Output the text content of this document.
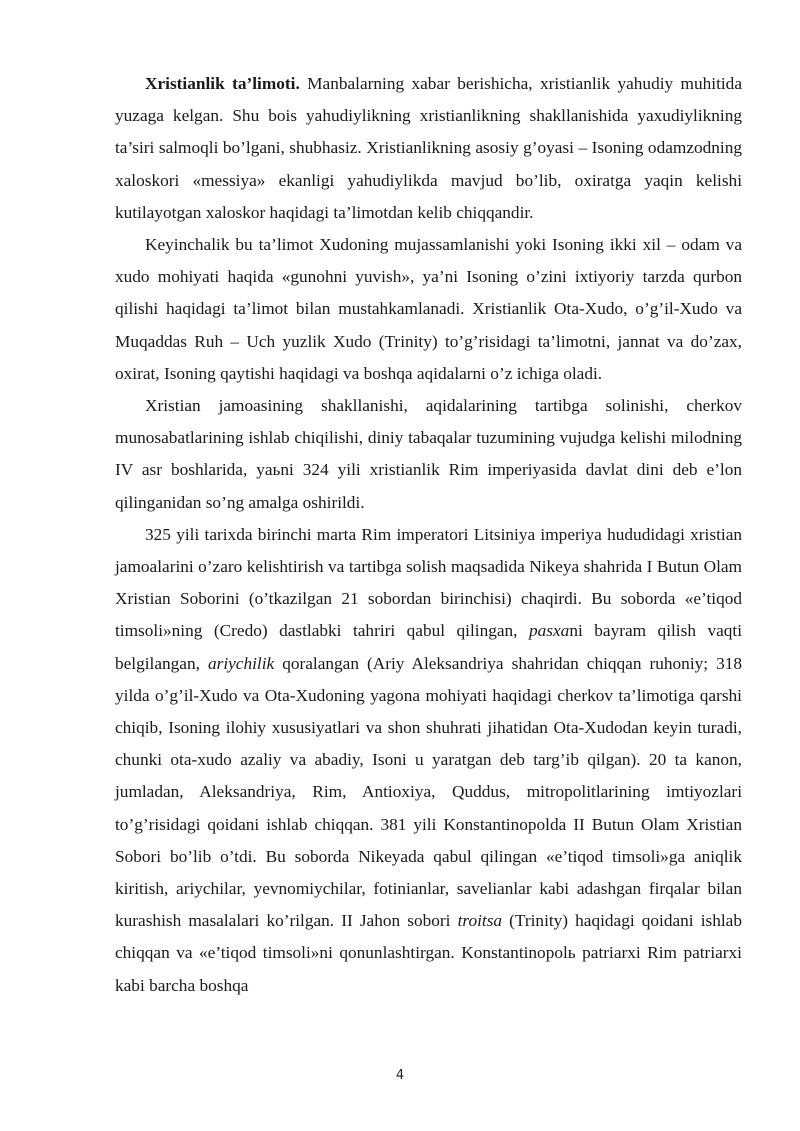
Xristianlik ta’limoti. Manbalarning xabar berishicha, xristianlik yahudiy muhitida yuzaga kelgan. Shu bois yahudiylikning xristianlikning shakllanishida yaxudiylikning ta’siri salmoqli bo’lgani, shubhasiz. Xristianlikning asosiy g’oyasi – Isoning odamzodning xaloskori «messiya» ekanligi yahudiylikda mavjud bo’lib, oxiratga yaqin kelishi kutilayotgan xaloskor haqidagi ta’limotdan kelib chiqqandir.

Keyinchalik bu ta’limot Xudoning mujassamlanishi yoki Isoning ikki xil – odam va xudo mohiyati haqida «gunohni yuvish», ya’ni Isoning o’zini ixtiyoriy tarzda qurbon qilishi haqidagi ta’limot bilan mustahkamlanadi. Xristianlik Ota-Xudo, o’g’il-Xudo va Muqaddas Ruh – Uch yuzlik Xudo (Trinity) to’g’risidagi ta’limotni, jannat va do’zax, oxirat, Isoning qaytishi haqidagi va boshqa aqidalarni o’z ichiga oladi.

Xristian jamoasining shakllanishi, aqidalarining tartibga solinishi, cherkov munosabatlarining ishlab chiqilishi, diniy tabaqalar tuzumining vujudga kelishi milodning IV asr boshlarida, yaьni 324 yili xristianlik Rim imperiyasida davlat dini deb e’lon qilinganidan so’ng amalga oshirildi.

325 yili tarixda birinchi marta Rim imperatori Litsiniya imperiya hududidagi xristian jamoalarini o’zaro kelishtirish va tartibga solish maqsadida Nikeya shahrida I Butun Olam Xristian Soborini (o’tkazilgan 21 sobordan birinchisi) chaqirdi. Bu soborda «e’tiqod timsoli»ning (Credo) dastlabki tahriri qabul qilingan, pasxani bayram qilish vaqti belgilangan, ariychilik qoralangan (Ariy Aleksandriya shahridan chiqqan ruhoniy; 318 yilda o’g’il-Xudo va Ota-Xudoning yagona mohiyati haqidagi cherkov ta’limotiga qarshi chiqib, Isoning ilohiy xususiyatlari va shon shuhrati jihatidan Ota-Xudodan keyin turadi, chunki ota-xudo azaliy va abadiy, Isoni u yaratgan deb targ’ib qilgan). 20 ta kanon, jumladan, Aleksandriya, Rim, Antioxiya, Quddus, mitropolitlarining imtiyozlari to’g’risidagi qoidani ishlab chiqqan. 381 yili Konstantinopolda II Butun Olam Xristian Sobori bo’lib o’tdi. Bu soborda Nikeyada qabul qilingan «e’tiqod timsoli»ga aniqlik kiritish, ariychilar, yevnomiychilar, fotinianlar, savelianlar kabi adashgan firqalar bilan kurashish masalalari ko’rilgan. II Jahon sobori troitsa (Trinity) haqidagi qoidani ishlab chiqqan va «e’tiqod timsoli»ni qonunlashtirgan. Konstantinopolь patriarxi Rim patriarxi kabi barcha boshqa

4
